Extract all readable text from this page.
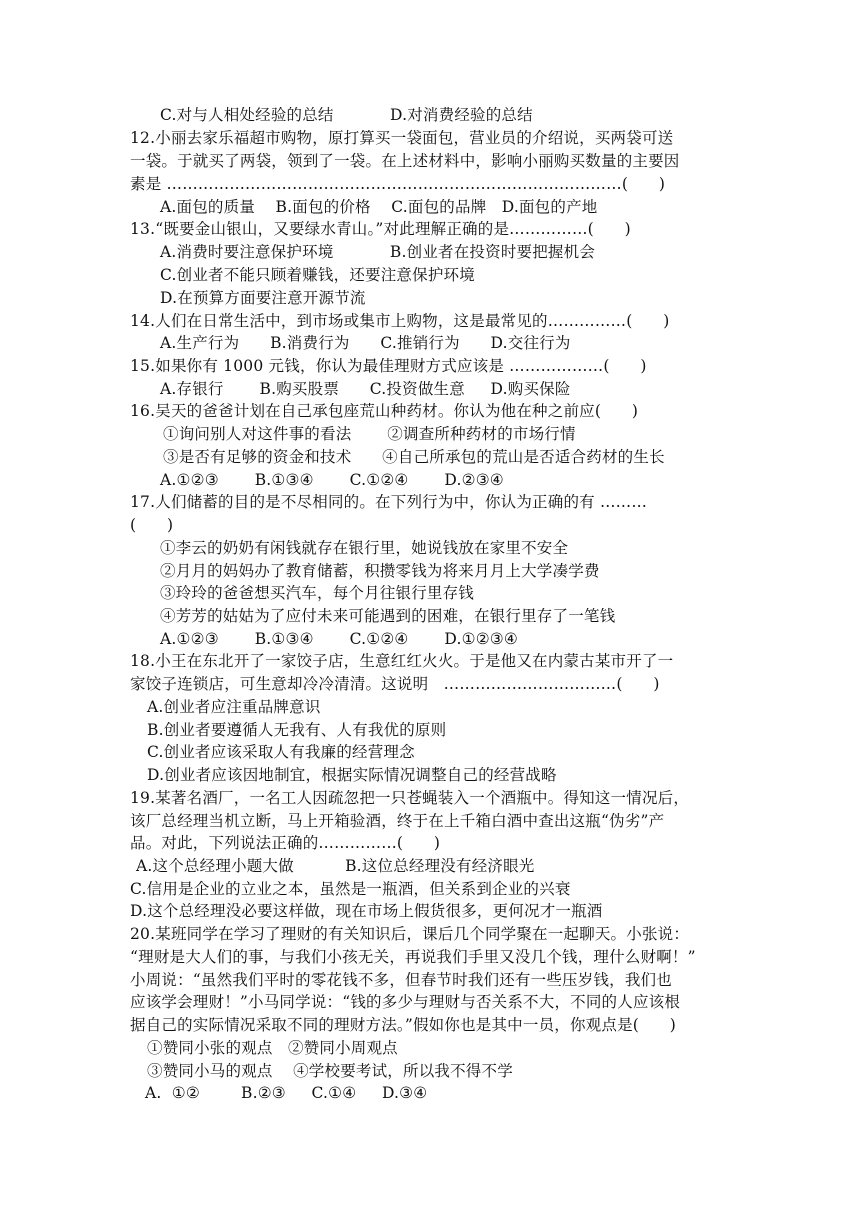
C.对与人相处经验的总结           D.对消费经验的总结
12.小丽去家乐福超市购物，原打算买一袋面包，营业员的介绍说，买两袋可送
一袋。于就买了两袋，领到了一袋。在上述材料中，影响小丽购买数量的主要因
素是 ……………………………………………………………………………(      )
A.面包的质量    B.面包的价格    C.面包的品牌   D.面包的产地
13.“既要金山银山，又要绿水青山。”对此理解正确的是……………(      )
A.消费时要注意保护环境           B.创业者在投资时要把握机会
C.创业者不能只顾着赚钱，还要注意保护环境
D.在预算方面要注意开源节流
14.人们在日常生活中，到市场或集市上购物，这是最常见的……………(      )
A.生产行为      B.消费行为      C.推销行为      D.交往行为
15.如果你有 1000 元钱，你认为最佳理财方式应该是 ………………(      )
A.存银行       B.购买股票      C.投资做生意     D.购买保险
16.吴天的爸爸计划在自己承包座荒山种药材。你认为他在种之前应(      )
①询问别人对这件事的看法       ②调查所种药材的市场行情
③是否有足够的资金和技术      ④自己所承包的荒山是否适合药材的生长
A.①②③       B.①③④       C.①②④       D.②③④
17.人们储蓄的目的是不尽相同的。在下列行为中，你认为正确的有 ………
(      )
①李云的奶奶有闲钱就存在银行里，她说钱放在家里不安全
②月月的妈妈办了教育储蓄，积攒零钱为将来月月上大学凑学费
③玲玲的爸爸想买汽车，每个月往银行里存钱
④芳芳的姑姑为了应付未来可能遇到的困难，在银行里存了一笔钱
A.①②③       B.①③④       C.①②④       D.①②③④
18.小王在东北开了一家饺子店，生意红红火火。于是他又在内蒙古某市开了一
家饺子连锁店，可生意却冷冷清清。这说明   ……………………………(      )
A.创业者应注重品牌意识
B.创业者要遵循人无我有、人有我优的原则
C.创业者应该采取人有我廉的经营理念
D.创业者应该因地制宜，根据实际情况调整自己的经营战略
19.某著名酒厂，一名工人因疏忽把一只苍蝇装入一个酒瓶中。得知这一情况后，
该厂总经理当机立断，马上开箱验酒，终于在上千箱白酒中查出这瓶“伪劣”产
品。对此，下列说法正确的……………(      )
A.这个总经理小题大做          B.这位总经理没有经济眼光
C.信用是企业的立业之本，虽然是一瓶酒，但关系到企业的兴衰
D.这个总经理没必要这样做，现在市场上假货很多，更何况才一瓶酒
20.某班同学在学习了理财的有关知识后，课后几个同学聚在一起聊天。小张说：
“理财是大人们的事，与我们小孩无关，再说我们手里又没几个钱，理什么财啊！”
小周说：“虽然我们平时的零花钱不多，但春节时我们还有一些压岁钱，我们也
应该学会理财！”小马同学说：“钱的多少与理财与否关系不大，不同的人应该根
据自己的实际情况采取不同的理财方法。”假如你也是其中一员，你观点是(      )
①赞同小张的观点   ②赞同小周观点
③赞同小马的观点    ④学校要考试，所以我不得不学
A.  ①②        B.②③     C.①④     D.③④
